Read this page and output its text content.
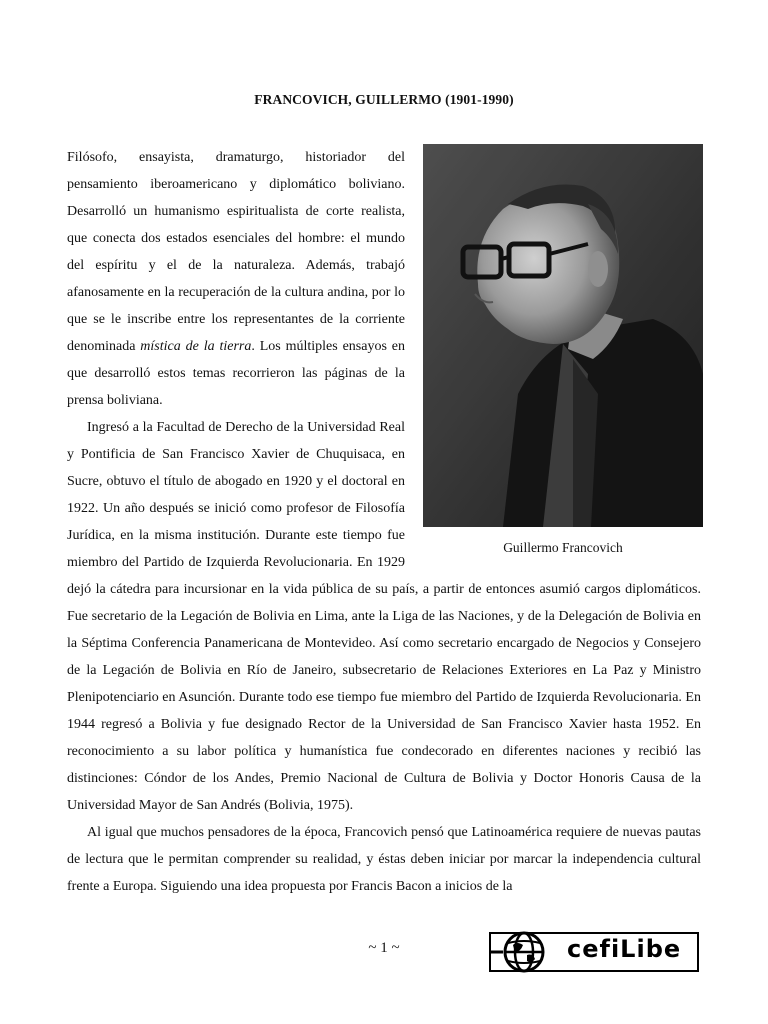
FRANCOVICH, GUILLERMO (1901-1990)
Guillermo Francovich

Filósofo, ensayista, dramaturgo, historiador del pensamiento iberoamericano y diplomático boliviano. Desarrolló un humanismo espiritualista de corte realista, que conecta dos estados esenciales del hombre: el mundo del espíritu y el de la naturaleza. Además, trabajó afanosamente en la recuperación de la cultura andina, por lo que se le inscribe entre los representantes de la corriente denominada mística de la tierra. Los múltiples ensayos en que desarrolló estos temas recorrieron las páginas de la prensa boliviana.

Ingresó a la Facultad de Derecho de la Universidad Real y Pontificia de San Francisco Xavier de Chuquisaca, en Sucre, obtuvo el título de abogado en 1920 y el doctoral en 1922. Un año después se inició como profesor de Filosofía Jurídica, en la misma institución. Durante este tiempo fue miembro del Partido de Izquierda Revolucionaria. En 1929 dejó la cátedra para incursionar en la vida pública de su país, a partir de entonces asumió cargos diplomáticos. Fue secretario de la Legación de Bolivia en Lima, ante la Liga de las Naciones, y de la Delegación de Bolivia en la Séptima Conferencia Panamericana de Montevideo. Así como secretario encargado de Negocios y Consejero de la Legación de Bolivia en Río de Janeiro, subsecretario de Relaciones Exteriores en La Paz y Ministro Plenipotenciario en Asunción. Durante todo ese tiempo fue miembro del Partido de Izquierda Revolucionaria. En 1944 regresó a Bolivia y fue designado Rector de la Universidad de San Francisco Xavier hasta 1952. En reconocimiento a su labor política y humanística fue condecorado en diferentes naciones y recibió las distinciones: Cóndor de los Andes, Premio Nacional de Cultura de Bolivia y Doctor Honoris Causa de la Universidad Mayor de San Andrés (Bolivia, 1975).

Al igual que muchos pensadores de la época, Francovich pensó que Latinoamérica requiere de nuevas pautas de lectura que le permitan comprender su realidad, y éstas deben iniciar por marcar la independencia cultural frente a Europa. Siguiendo una idea propuesta por Francis Bacon a inicios de la

~ 1 ~	cefiLibe
